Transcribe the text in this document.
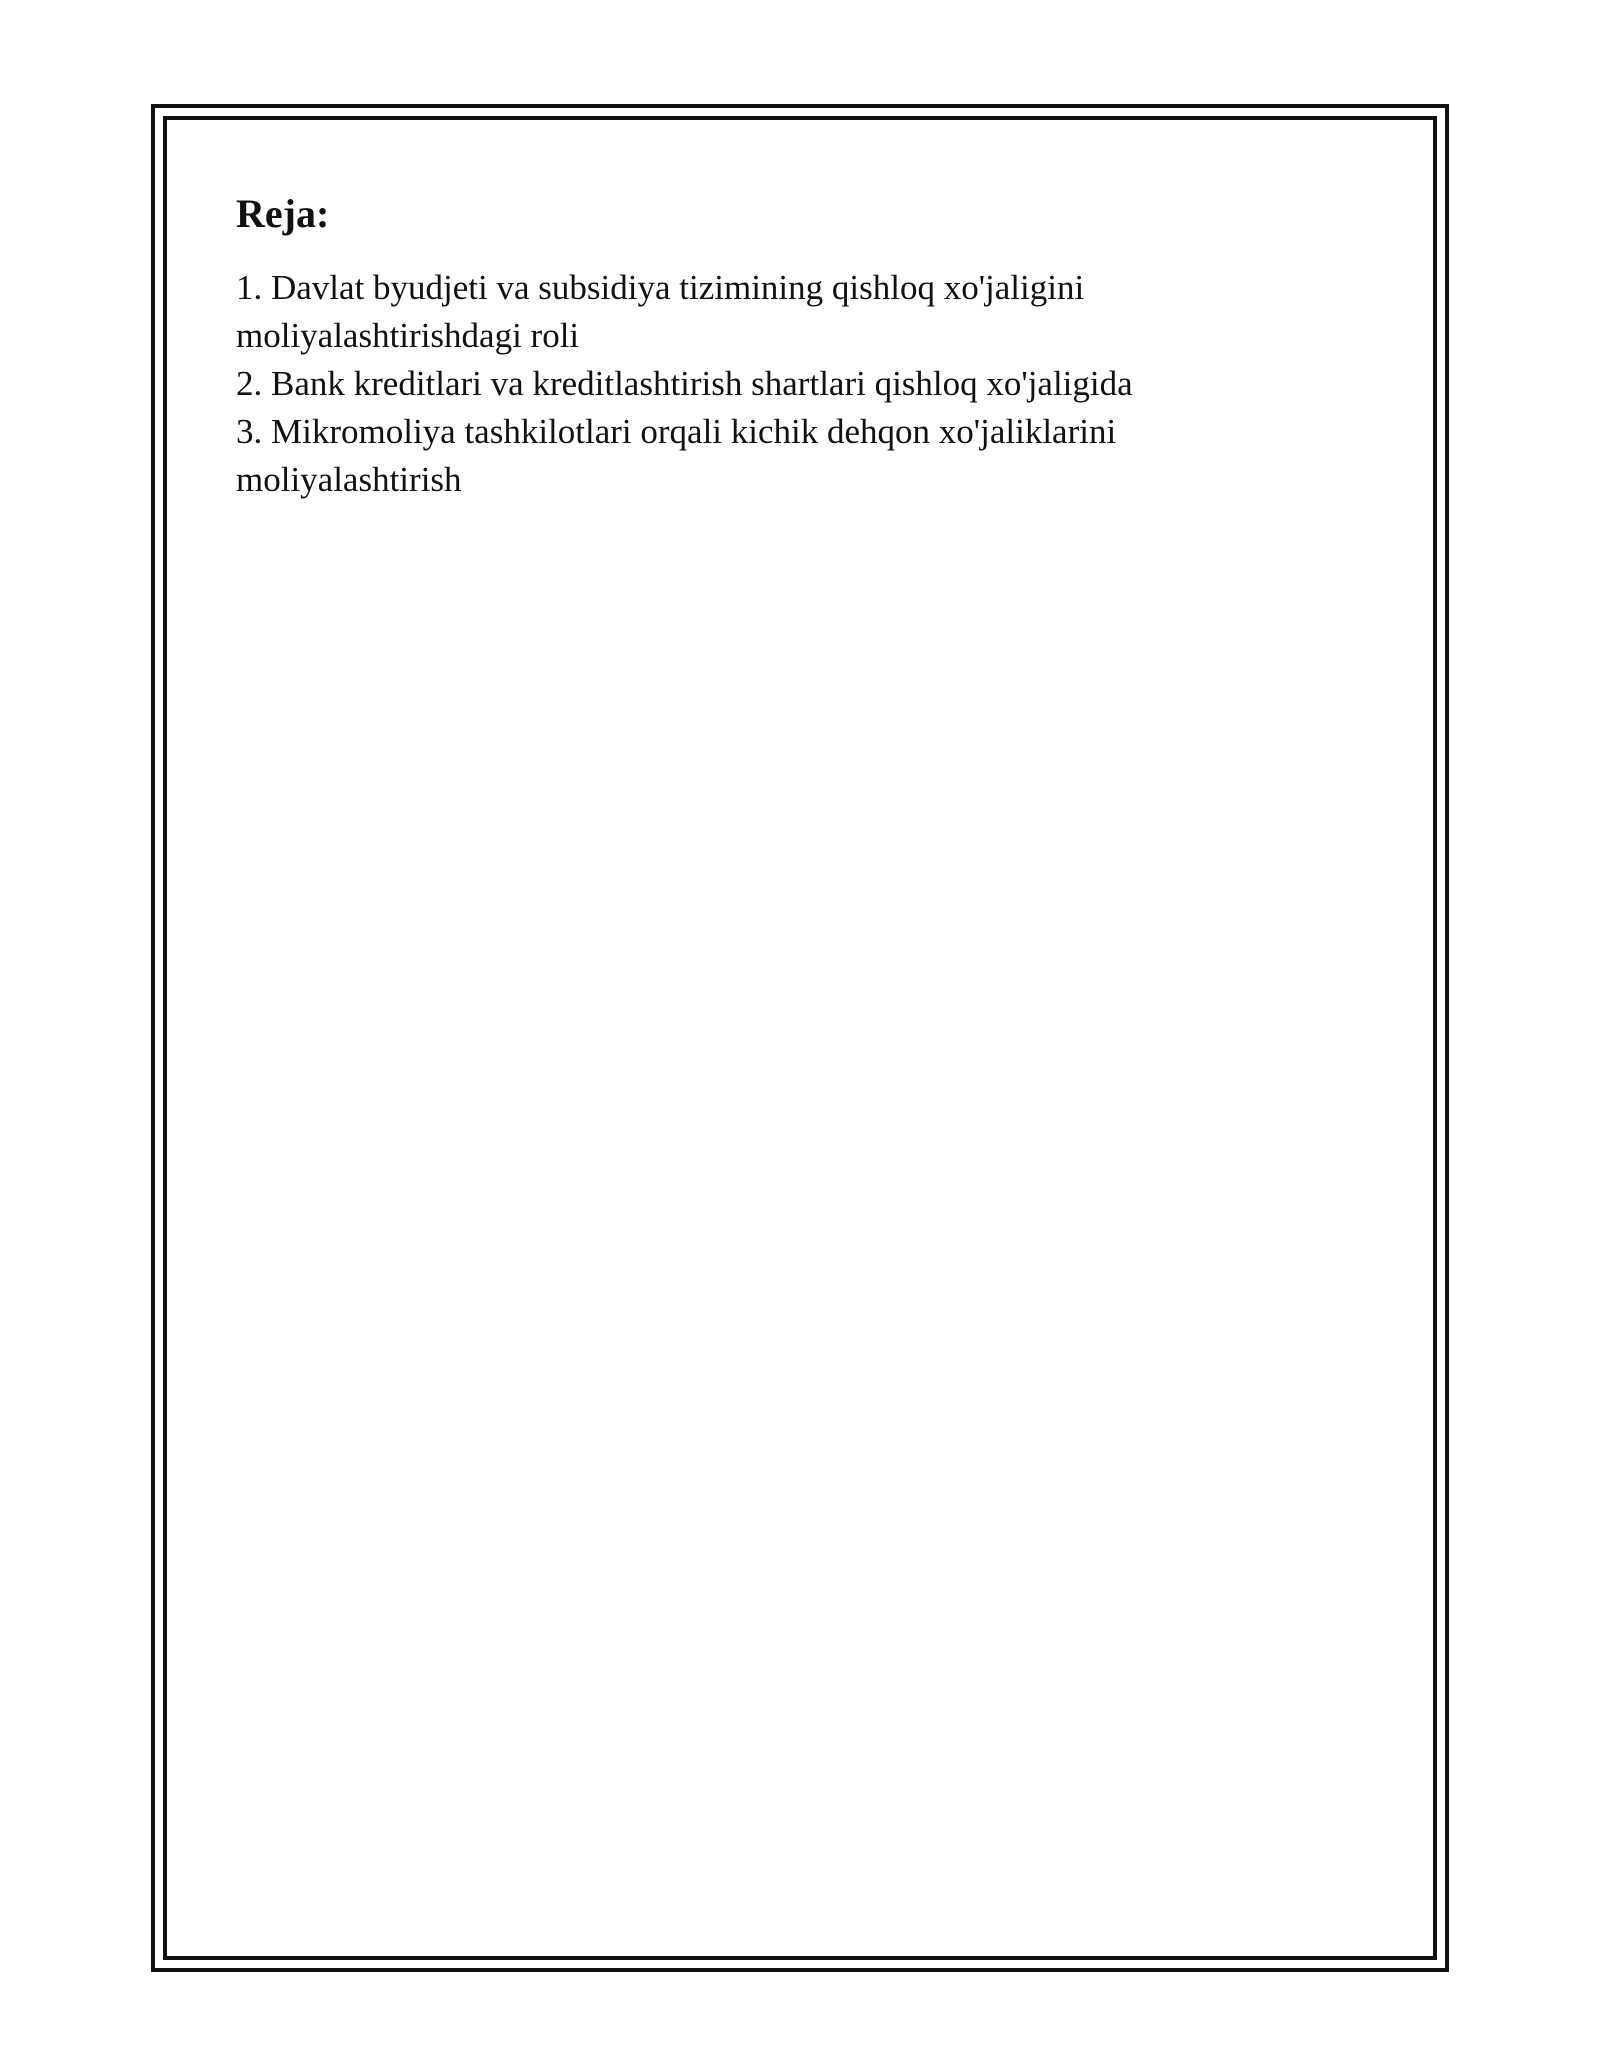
Reja:
1. Davlat byudjeti va subsidiya tizimining qishloq xo'jaligini moliyalashtirishdagi roli
2. Bank kreditlari va kreditlashtirish shartlari qishloq xo'jaligida
3. Mikromoliya tashkilotlari orqali kichik dehqon xo'jaliklarini moliyalashtirish
